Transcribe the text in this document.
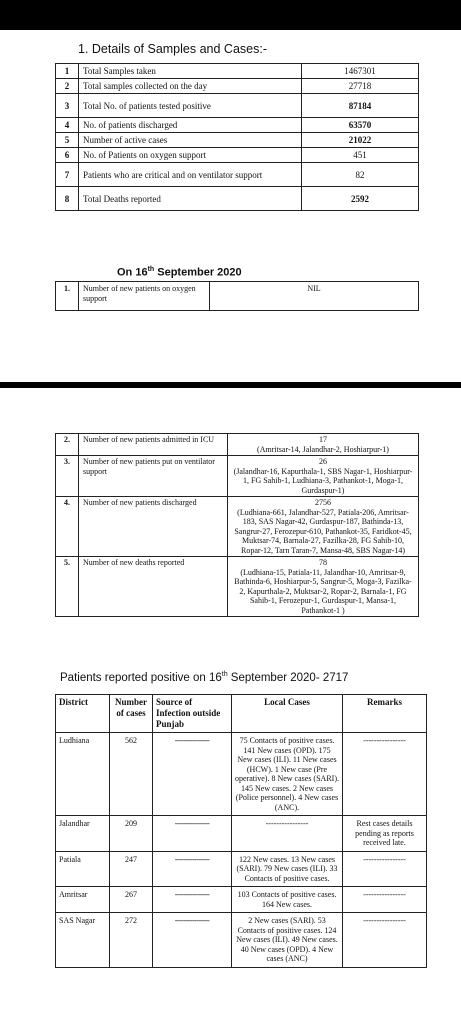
1. Details of Samples and Cases:-
1	Total Samples taken	1467301
2	Total samples collected on the day	27718
3	Total No. of patients tested positive	87184
4	No. of patients discharged	63570
5	Number of active cases	21022
6	No. of Patients on oxygen support	451
7	Patients who are critical and on ventilator support	82
8	Total Deaths reported	2592
On 16th September 2020
1.	Number of new patients on oxygen support	NIL
2.	Number of new patients admitted in ICU	17
(Amritsar-14, Jalandhar-2, Hoshiarpur-1)
3.	Number of new patients put on ventilator support	26
(Jalandhar-16, Kapurthala-1, SBS Nagar-1, Hoshiarpur-1, FG Sahib-1, Ludhiana-3, Pathankot-1, Moga-1, Gurdaspur-1)
4.	Number of new patients discharged	2756
(Ludhiana-661, Jalandhar-527, Patiala-206, Amritsar-183, SAS Nagar-42, Gurdaspur-187, Bathinda-13, Sangrur-27, Ferozepur-610, Pathankot-35, Faridkot-45, Muktsar-74, Barnala-27, Fazilka-28, FG Sahib-10, Ropar-12, Tarn Taran-7, Mansa-48, SBS Nagar-14)
5.	Number of new deaths reported	78
(Ludhiana-15, Patiala-11, Jalandhar-10, Amritsar-9, Bathinda-6, Hoshiarpur-5, Sangrur-5, Moga-3, Fazilka-2, Kapurthala-2, Muktsar-2, Ropar-2, Barnala-1, FG Sahib-1, Ferozepur-1, Gurdaspur-1, Mansa-1, Pathankot-1 )
Patients reported positive on 16th September 2020- 2717
District	Number of cases	Source of Infection outside Punjab	Local Cases	Remarks
Ludhiana	562	----------------	75 Contacts of positive cases. 141 New cases (OPD). 175 New cases (ILI). 11 New cases (HCW). 1 New case (Pre operative). 8 New cases (SARI). 145 New cases. 2 New cases (Police personnel). 4 New cases (ANC).	----------------
Jalandhar	209	----------------	----------------	Rest cases details pending as reports received late.
Patiala	247	----------------	122 New cases. 13 New cases (SARI). 79 New cases (ILI). 33 Contacts of positive cases.	----------------
Amritsar	267	----------------	103 Contacts of positive cases. 164 New cases.	----------------
SAS Nagar	272	----------------	2 New cases (SARI). 53 Contacts of positive cases. 124 New cases (ILI). 49 New cases. 40 New cases (OPD). 4 New cases (ANC)	----------------
